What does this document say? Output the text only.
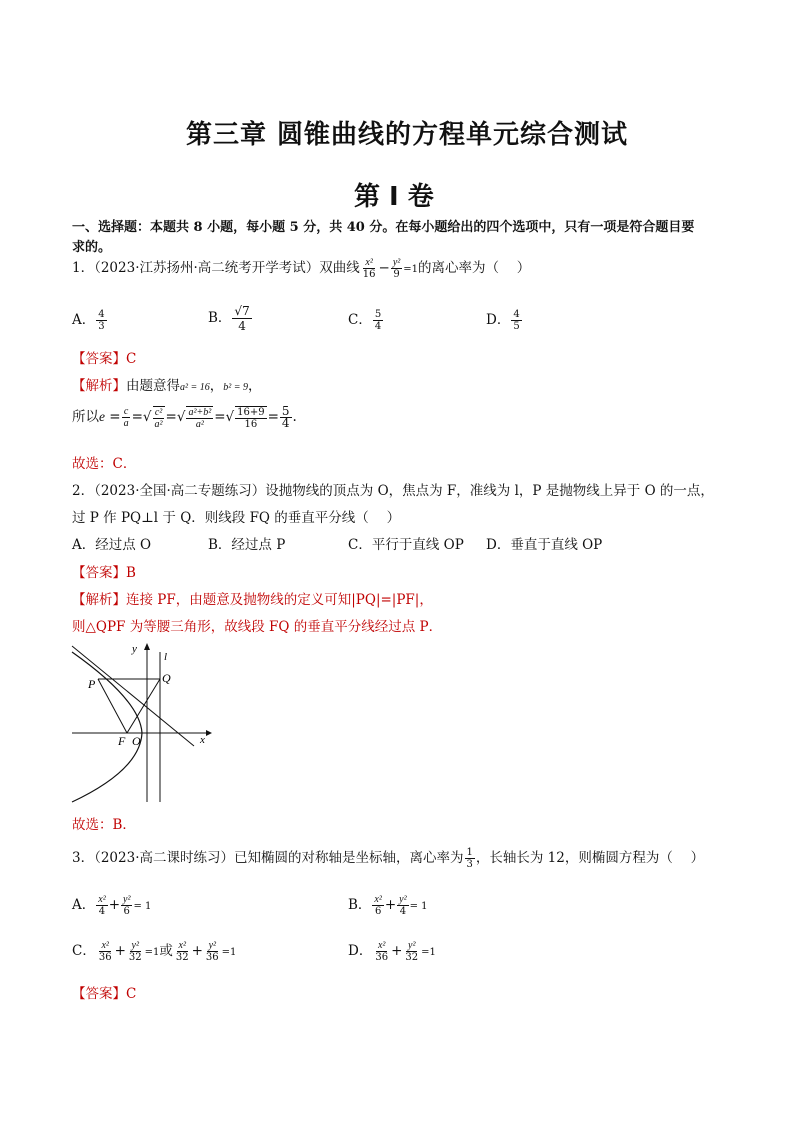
第三章 圆锥曲线的方程单元综合测试
第 I 卷
一、选择题：本题共 8 小题，每小题 5 分，共 40 分。在每小题给出的四个选项中，只有一项是符合题目要
求的。
1．（2023·江苏扬州·高二统考开学考试）双曲线 $\frac{\text{x²}}{16} - \frac{\text{y²}}{9} =1$的离心率为（　 ）
A． $\frac{4}{3}$	B． $\frac{√7}{4}$	C． $\frac{5}{4}$	D． $\frac{4}{5}$
【答案】C
【解析】由题意得a² = 16，b² = 9，
所以$e = \frac{c}{a}$ =√ $\frac{\text{c²}}{\text{a²}}$ =√ $\frac{\text{a²+b²}}{\text{a²}}$ =√ $\frac{16+9}{16} = \frac{5}{4}$ .
故选：C．
2．（2023·全国·高二专题练习）设抛物线的顶点为 O，焦点为 F，准线为 l，P 是抛物线上异于 O 的一点，
过 P 作 PQ⊥l 于 Q．则线段 FQ 的垂直平分线（　 ）
A．经过点 O	B．经过点 P	C．平行于直线 OP D．垂直于直线 OP
【答案】B
【解析】连接 PF，由题意及抛物线的定义可知|PQ|=|PF|，
则△QPF 为等腰三角形，故线段 FQ 的垂直平分线经过点 P．
y
l
P	Q
F O	x
故选：B．
3．（2023·高二课时练习）已知椭圆的对称轴是坐标轴，离心率为 $\frac{1}{3}$ ，长轴长为 12，则椭圆方程为（　 ）
A． $\frac{\text{x²}}{4} + \frac{\text{y²}}{6} = 1$	B． $\frac{\text{x²}}{6} + \frac{\text{y²}}{4} = 1$
C． $\frac{\text{x²}}{36} + \frac{\text{y²}}{32} =1$或 $\frac{\text{x²}}{32} + \frac{\text{y²}}{36} =1$	D． $\frac{\text{x²}}{36} + \frac{\text{y²}}{32} =1$
【答案】C
